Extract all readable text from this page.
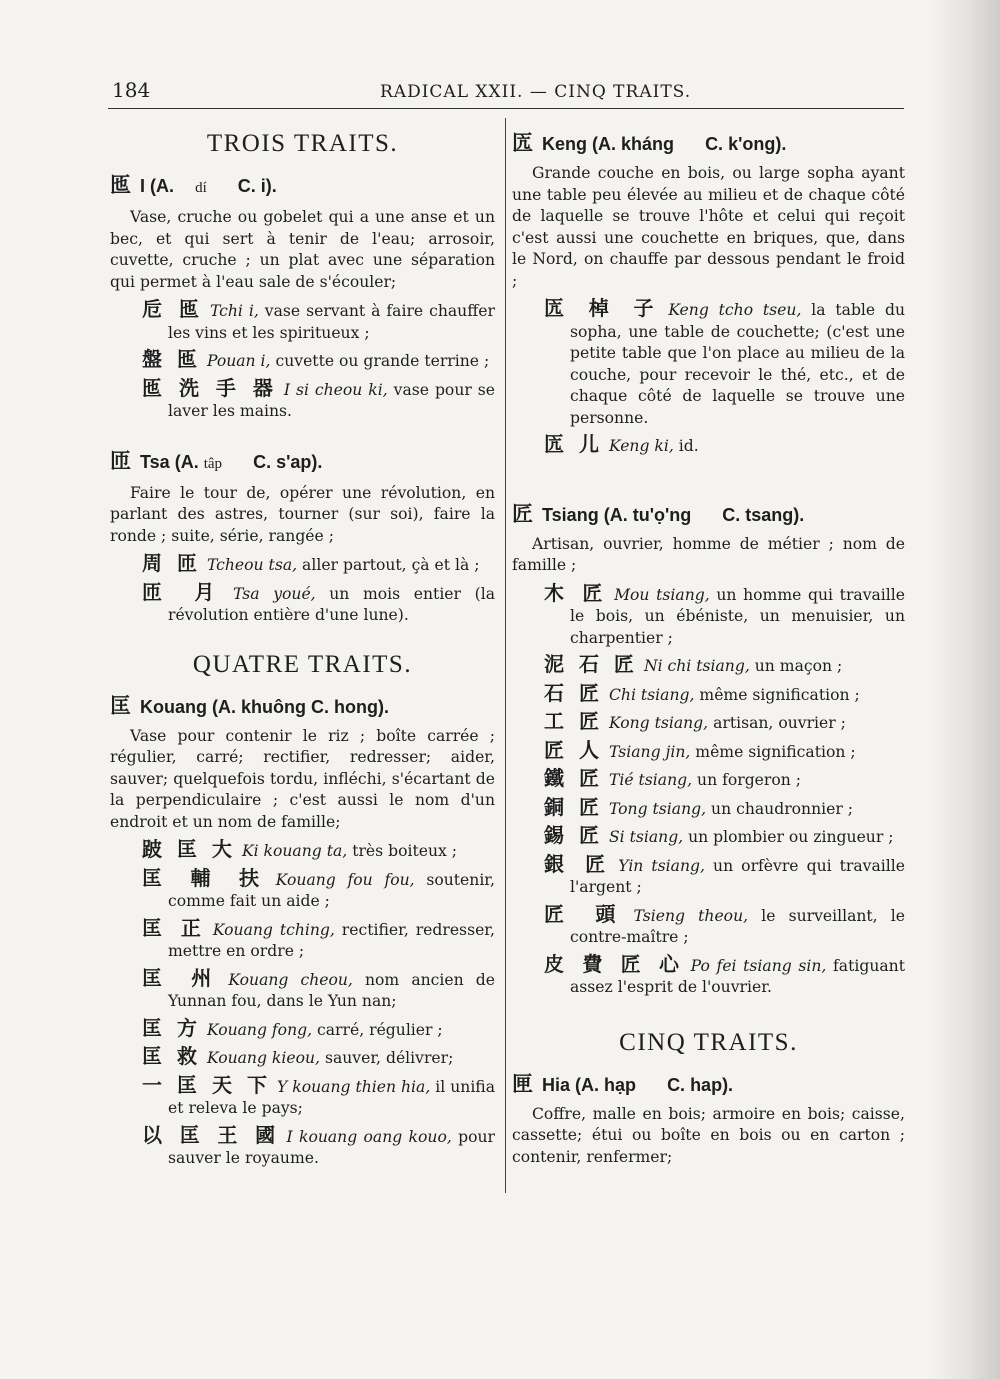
184	RADICAL XXII. — CINQ TRAITS.
TROIS TRAITS.
匜 I (A. dí C. i).

Vase, cruche ou gobelet qui a une anse et un bec, et qui sert à tenir de l'eau; arrosoir, cuvette, cruche ; un plat avec une séparation qui permet à l'eau sale de s'écouler;

卮 匜 Tchi i, vase servant à faire chauffer les vins et les spiritueux ;

盤 匜 Pouan i, cuvette ou grande terrine ;

匜 洗 手 器 I si cheou ki, vase pour se laver les mains.

匝 Tsa (A. tâp C. s'ap).

Faire le tour de, opérer une révolution, en parlant des astres, tourner (sur soi), faire la ronde ; suite, série, rangée ;

周 匝 Tcheou tsa, aller partout, çà et là ;

匝 月 Tsa youé, un mois entier (la révolution entière d'une lune).

QUATRE TRAITS.
匡 Kouang (A. khuông C. hong).

Vase pour contenir le riz ; boîte carrée ; régulier, carré; rectifier, redresser; aider, sauver; quelquefois tordu, infléchi, s'écartant de la perpendiculaire ; c'est aussi le nom d'un endroit et un nom de famille;

跛 匡 大 Ki kouang ta, très boiteux ;

匡 輔 扶 Kouang fou fou, soutenir, comme fait un aide ;

匡 正 Kouang tching, rectifier, redresser, mettre en ordre ;

匡 州 Kouang cheou, nom ancien de Yunnan fou, dans le Yun nan;

匡 方 Kouang fong, carré, régulier ;

匡 救 Kouang kieou, sauver, délivrer;

一 匡 天 下 Y kouang thien hia, il unifia et releva le pays;

以 匡 王 國 I kouang oang kouo, pour sauver le royaume.

匟 Keng (A. kháng C. k'ong).

Grande couche en bois, ou large sopha ayant une table peu élevée au milieu et de chaque côté de laquelle se trouve l'hôte et celui qui reçoit c'est aussi une couchette en briques, que, dans le Nord, on chauffe par dessous pendant le froid ;

匟 棹 子 Keng tcho tseu, la table du sopha, une table de couchette; (c'est une petite table que l'on place au milieu de la couche, pour recevoir le thé, etc., et de chaque côté de laquelle se trouve une personne.

匟 儿 Keng ki, id.

匠 Tsiang (A. tu'ọ'ng C. tsang).

Artisan, ouvrier, homme de métier ; nom de famille ;

木 匠 Mou tsiang, un homme qui travaille le bois, un ébéniste, un menuisier, un charpentier ;

泥 石 匠 Ni chi tsiang, un maçon ;

石 匠 Chi tsiang, même signification ;

工 匠 Kong tsiang, artisan, ouvrier ;

匠 人 Tsiang jin, même signification ;

鐵 匠 Tié tsiang, un forgeron ;

銅 匠 Tong tsiang, un chaudronnier ;

錫 匠 Si tsiang, un plombier ou zingueur ;

銀 匠 Yin tsiang, un orfèvre qui travaille l'argent ;

匠 頭 Tsieng theou, le surveillant, le contre-maître ;

皮 費 匠 心 Po fei tsiang sin, fatiguant assez l'esprit de l'ouvrier.

CINQ TRAITS.
匣 Hia (A. hạp C. hap).

Coffre, malle en bois; armoire en bois; caisse, cassette; étui ou boîte en bois ou en carton ; contenir, renfermer;
